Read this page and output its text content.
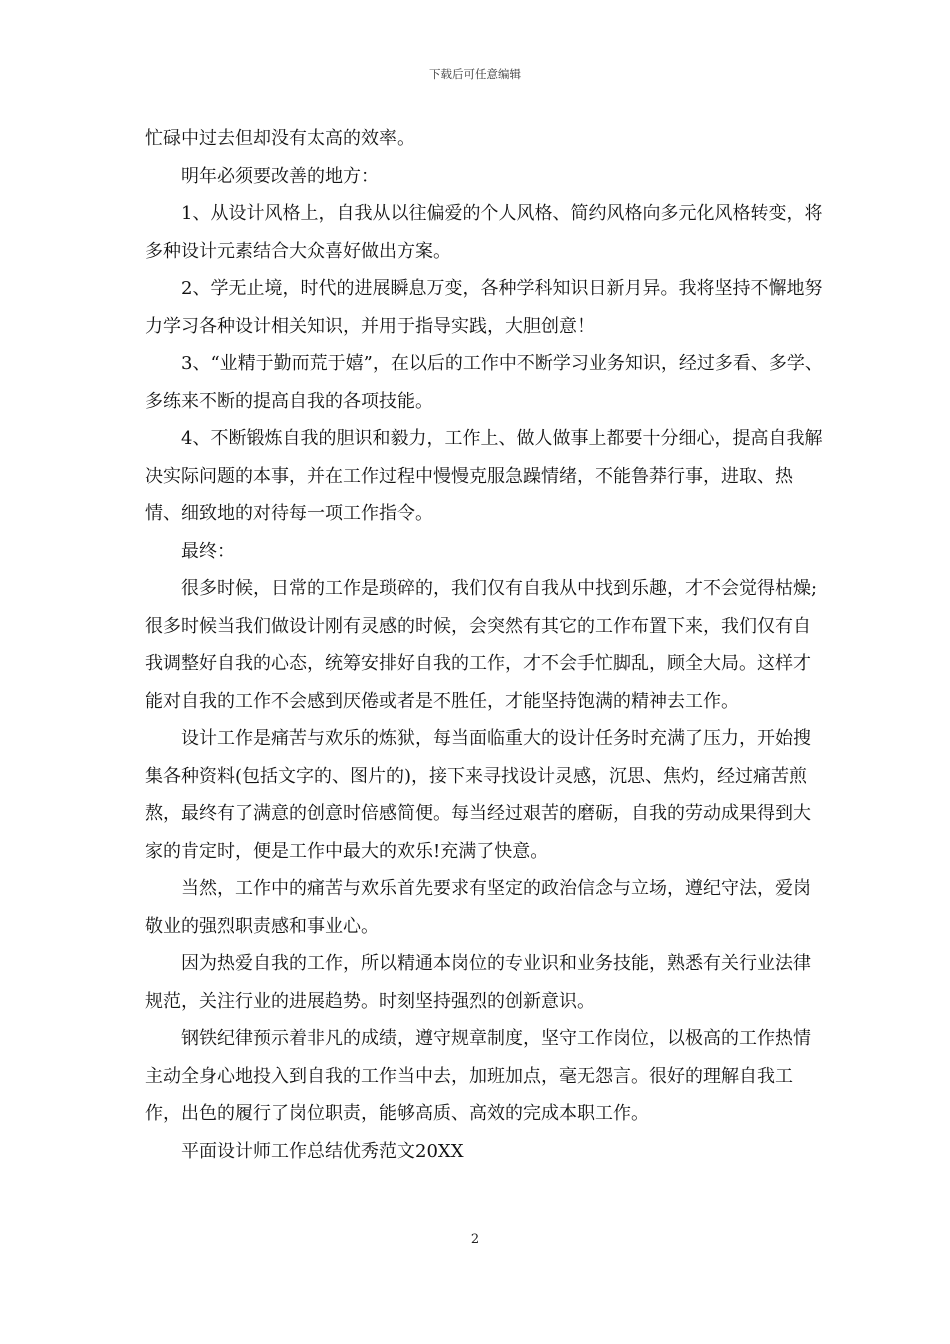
下载后可任意编辑

忙碌中过去但却没有太高的效率。

明年必须要改善的地方：

1、从设计风格上，自我从以往偏爱的个人风格、简约风格向多元化风格转变，将多种设计元素结合大众喜好做出方案。

2、学无止境，时代的进展瞬息万变，各种学科知识日新月异。我将坚持不懈地努力学习各种设计相关知识，并用于指导实践，大胆创意！

3、“业精于勤而荒于嬉”，在以后的工作中不断学习业务知识，经过多看、多学、多练来不断的提高自我的各项技能。

4、不断锻炼自我的胆识和毅力，工作上、做人做事上都要十分细心，提高自我解决实际问题的本事，并在工作过程中慢慢克服急躁情绪，不能鲁莽行事，进取、热情、细致地的对待每一项工作指令。

最终：

很多时候，日常的工作是琐碎的，我们仅有自我从中找到乐趣，才不会觉得枯燥;很多时候当我们做设计刚有灵感的时候，会突然有其它的工作布置下来，我们仅有自我调整好自我的心态，统筹安排好自我的工作，才不会手忙脚乱，顾全大局。这样才能对自我的工作不会感到厌倦或者是不胜任，才能坚持饱满的精神去工作。

设计工作是痛苦与欢乐的炼狱，每当面临重大的设计任务时充满了压力，开始搜集各种资料(包括文字的、图片的)，接下来寻找设计灵感，沉思、焦灼，经过痛苦煎熬，最终有了满意的创意时倍感简便。每当经过艰苦的磨砺，自我的劳动成果得到大家的肯定时，便是工作中最大的欢乐!充满了快意。

当然，工作中的痛苦与欢乐首先要求有坚定的政治信念与立场，遵纪守法，爱岗敬业的强烈职责感和事业心。

因为热爱自我的工作，所以精通本岗位的专业识和业务技能，熟悉有关行业法律规范，关注行业的进展趋势。时刻坚持强烈的创新意识。

钢铁纪律预示着非凡的成绩，遵守规章制度，坚守工作岗位，以极高的工作热情主动全身心地投入到自我的工作当中去，加班加点，毫无怨言。很好的理解自我工作，出色的履行了岗位职责，能够高质、高效的完成本职工作。

平面设计师工作总结优秀范文20XX

2
